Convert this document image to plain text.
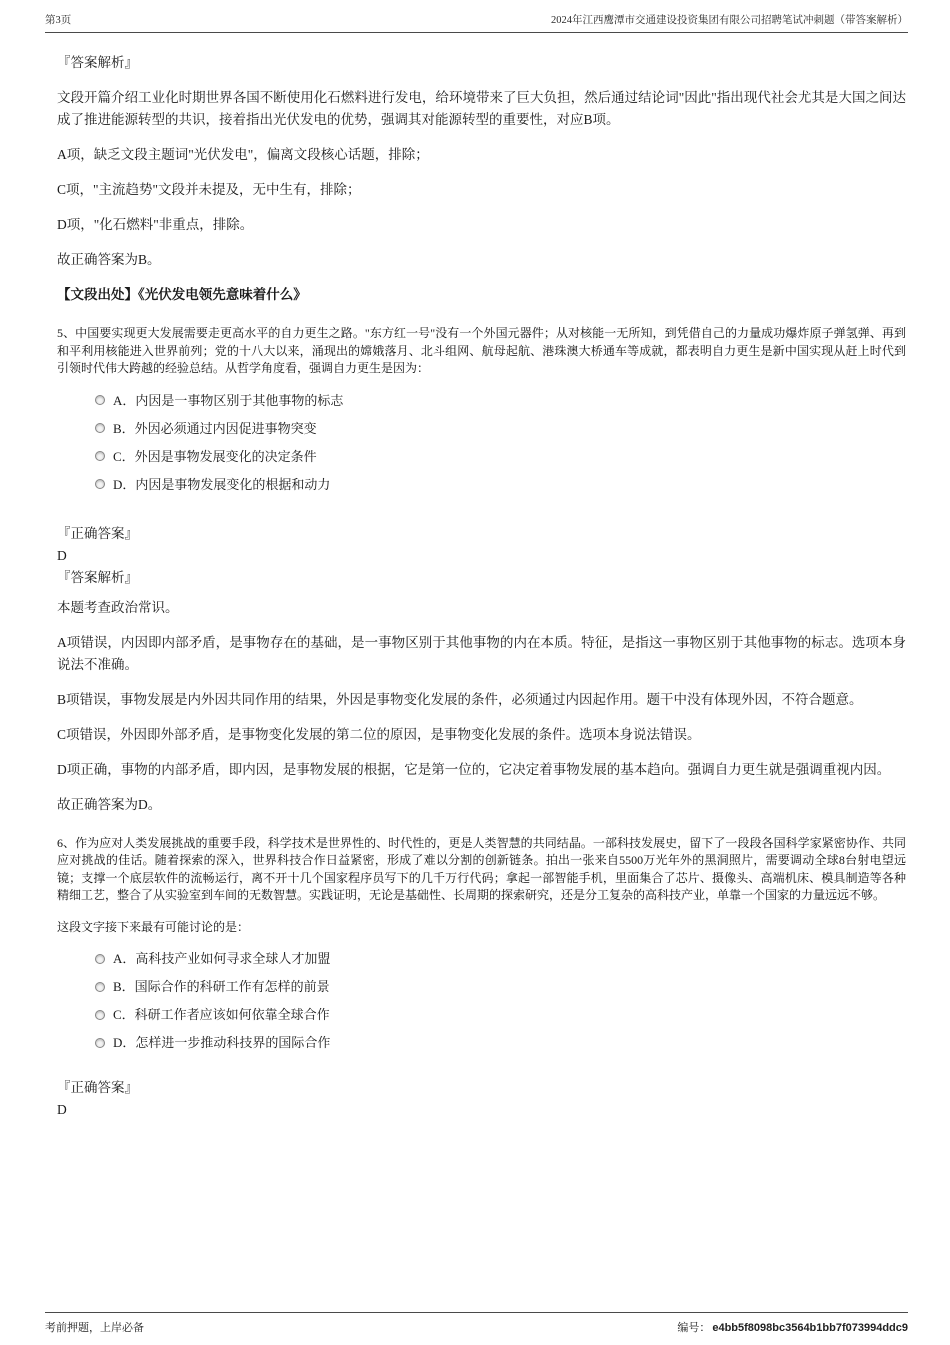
第3页	2024年江西鹰潭市交通建设投资集团有限公司招聘笔试冲刺题（带答案解析）
『答案解析』
文段开篇介绍工业化时期世界各国不断使用化石燃料进行发电，给环境带来了巨大负担，然后通过结论词"因此"指出现代社会尤其是大国之间达成了推进能源转型的共识，接着指出光伏发电的优势，强调其对能源转型的重要性，对应B项。
A项，缺乏文段主题词"光伏发电"，偏离文段核心话题，排除；
C项，"主流趋势"文段并未提及，无中生有，排除；
D项，"化石燃料"非重点，排除。
故正确答案为B。
【文段出处】《光伏发电领先意味着什么》
5、中国要实现更大发展需要走更高水平的自力更生之路。"东方红一号"没有一个外国元器件；从对核能一无所知，到凭借自己的力量成功爆炸原子弹氢弹、再到和平利用核能进入世界前列；党的十八大以来，涌现出的嫦娥落月、北斗组网、航母起航、港珠澳大桥通车等成就，都表明自力更生是新中国实现从赶上时代到引领时代伟大跨越的经验总结。从哲学角度看，强调自力更生是因为：
A．内因是一事物区别于其他事物的标志
B．外因必须通过内因促进事物突变
C．外因是事物发展变化的决定条件
D．内因是事物发展变化的根据和动力
『正确答案』
D
『答案解析』
本题考查政治常识。
A项错误，内因即内部矛盾，是事物存在的基础，是一事物区别于其他事物的内在本质。特征，是指这一事物区别于其他事物的标志。选项本身说法不准确。
B项错误，事物发展是内外因共同作用的结果，外因是事物变化发展的条件，必须通过内因起作用。题干中没有体现外因，不符合题意。
C项错误，外因即外部矛盾，是事物变化发展的第二位的原因，是事物变化发展的条件。选项本身说法错误。
D项正确，事物的内部矛盾，即内因，是事物发展的根据，它是第一位的，它决定着事物发展的基本趋向。强调自力更生就是强调重视内因。
故正确答案为D。
6、作为应对人类发展挑战的重要手段，科学技术是世界性的、时代性的，更是人类智慧的共同结晶。一部科技发展史，留下了一段段各国科学家紧密协作、共同应对挑战的佳话。随着探索的深入，世界科技合作日益紧密，形成了难以分割的创新链条。拍出一张来自5500万光年外的黑洞照片，需要调动全球8台射电望远镜；支撑一个底层软件的流畅运行，离不开十几个国家程序员写下的几千万行代码；拿起一部智能手机，里面集合了芯片、摄像头、高端机床、模具制造等各种精细工艺，整合了从实验室到车间的无数智慧。实践证明，无论是基础性、长周期的探索研究，还是分工复杂的高科技产业，单靠一个国家的力量远远不够。
这段文字接下来最有可能讨论的是：
A．高科技产业如何寻求全球人才加盟
B．国际合作的科研工作有怎样的前景
C．科研工作者应该如何依靠全球合作
D．怎样进一步推动科技界的国际合作
『正确答案』
D
考前押题，上岸必备	编号： e4bb5f8098bc3564b1bb7f073994ddc9
